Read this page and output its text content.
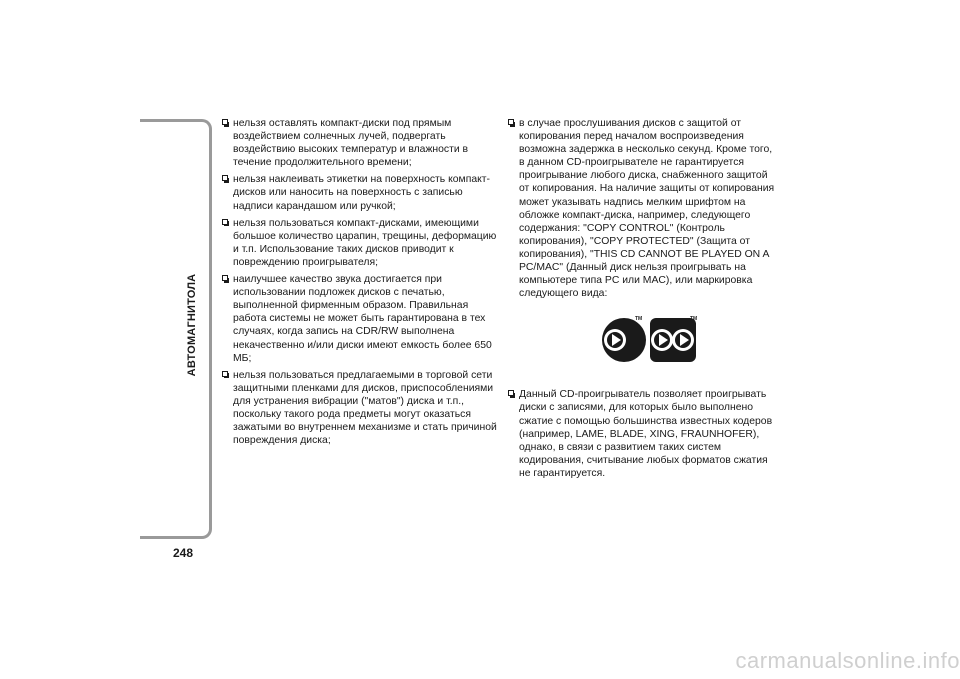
АВТОМАГНИТОЛА
248
нельзя оставлять компакт-диски под прямым воздействием солнечных лучей, подвергать воздействию высоких температур и влажности в течение продолжительного времени;
нельзя наклеивать этикетки на поверхность компакт-дисков или наносить на поверхность с записью надписи карандашом или ручкой;
нельзя пользоваться компакт-дисками, имеющими большое количество царапин, трещины, деформацию и т.п. Использование таких дисков приводит к повреждению проигрывателя;
наилучшее качество звука достигается при использовании подложек дисков с печатью, выполненной фирменным образом. Правильная работа системы не может быть гарантирована в тех случаях, когда запись на CDR/RW выполнена некачественно и/или диски имеют емкость более 650 МБ;
нельзя пользоваться предлагаемыми в торговой сети защитными пленками для дисков, приспособлениями для устранения вибрации ("матов") диска и т.п., поскольку такого рода предметы могут оказаться зажатыми во внутреннем механизме и стать причиной повреждения диска;
в случае прослушивания дисков с защитой от копирования перед началом воспроизведения возможна задержка в несколько секунд. Кроме того, в данном CD-проигрывателе не гарантируется проигрывание любого диска, снабженного защитой от копирования. На наличие защиты от копирования может указывать надпись мелким шрифтом на обложке компакт-диска, например, следующего содержания: "COPY CONTROL" (Контроль копирования), "COPY PROTECTED" (Защита от копирования), "THIS CD CANNOT BE PLAYED ON A PC/MAC" (Данный диск нельзя проигрывать на компьютере типа PC или MAC), или маркировка следующего вида:
TM	TM
Данный CD-проигрыватель позволяет проигрывать диски с записями, для которых было выполнено сжатие с помощью большинства известных кодеров (например, LAME, BLADE, XING, FRAUNHOFER), однако, в связи с развитием таких систем кодирования, считывание любых форматов сжатия не гарантируется.
carmanualsonline.info
